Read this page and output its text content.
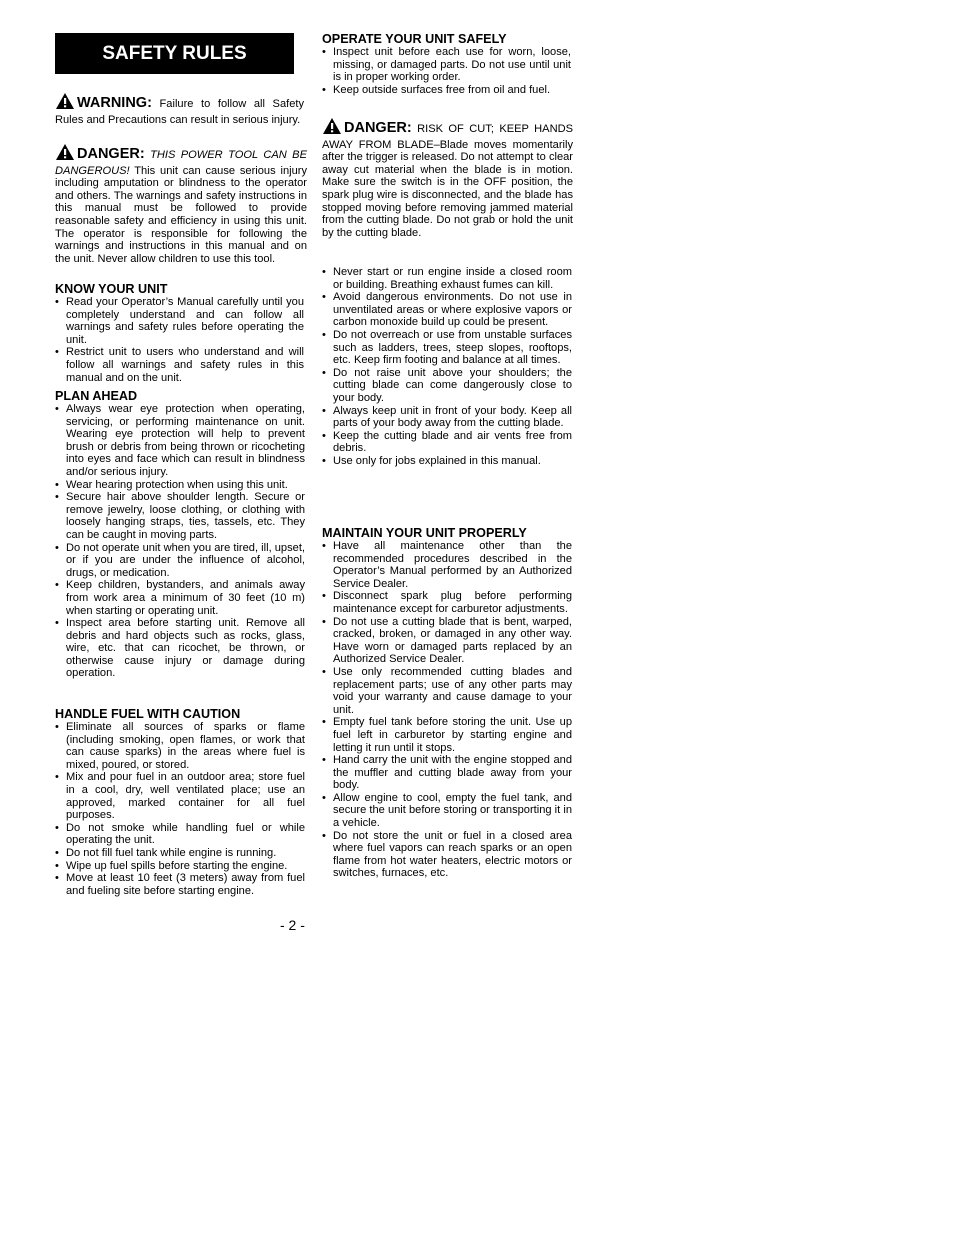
SAFETY RULES

WARNING: Failure to follow all Safety Rules and Precautions can result in serious injury.

DANGER: THIS POWER TOOL CAN BE DANGEROUS! This unit can cause serious injury including amputation or blindness to the operator and others. The warnings and safety instructions in this manual must be followed to provide reasonable safety and efficiency in using this unit. The operator is responsible for following the warnings and instructions in this manual and on the unit. Never allow children to use this tool.

KNOW YOUR UNIT
• Read your Operator’s Manual carefully until you completely understand and can follow all warnings and safety rules before operating the unit.
• Restrict unit to users who understand and will follow all warnings and safety rules in this manual and on the unit.
PLAN AHEAD
• Always wear eye protection when operating, servicing, or performing maintenance on unit. Wearing eye protection will help to prevent brush or debris from being thrown or ricocheting into eyes and face which can result in blindness and/or serious injury.
• Wear hearing protection when using this unit.
• Secure hair above shoulder length. Secure or remove jewelry, loose clothing, or clothing with loosely hanging straps, ties, tassels, etc. They can be caught in moving parts.
• Do not operate unit when you are tired, ill, upset, or if you are under the influence of alcohol, drugs, or medication.
• Keep children, bystanders, and animals away from work area a minimum of 30 feet (10 m) when starting or operating unit.
• Inspect area before starting unit. Remove all debris and hard objects such as rocks, glass, wire, etc. that can ricochet, be thrown, or otherwise cause injury or damage during operation.
HANDLE FUEL WITH CAUTION
• Eliminate all sources of sparks or flame (including smoking, open flames, or work that can cause sparks) in the areas where fuel is mixed, poured, or stored.
• Mix and pour fuel in an outdoor area; store fuel in a cool, dry, well ventilated place; use an approved, marked container for all fuel purposes.
• Do not smoke while handling fuel or while operating the unit.
• Do not fill fuel tank while engine is running.
• Wipe up fuel spills before starting the engine.
• Move at least 10 feet (3 meters) away from fuel and fueling site before starting engine.
OPERATE YOUR UNIT SAFELY
• Inspect unit before each use for worn, loose, missing, or damaged parts. Do not use until unit is in proper working order.
• Keep outside surfaces free from oil and fuel.

DANGER: RISK OF CUT; KEEP HANDS AWAY FROM BLADE–Blade moves momentarily after the trigger is released. Do not attempt to clear away cut material when the blade is in motion. Make sure the switch is in the OFF position, the spark plug wire is disconnected, and the blade has stopped moving before removing jammed material from the cutting blade. Do not grab or hold the unit by the cutting blade.

• Never start or run engine inside a closed room or building. Breathing exhaust fumes can kill.
• Avoid dangerous environments. Do not use in unventilated areas or where explosive vapors or carbon monoxide build up could be present.
• Do not overreach or use from unstable surfaces such as ladders, trees, steep slopes, rooftops, etc. Keep firm footing and balance at all times.
• Do not raise unit above your shoulders; the cutting blade can come dangerously close to your body.
• Always keep unit in front of your body. Keep all parts of your body away from the cutting blade.
• Keep the cutting blade and air vents free from debris.
• Use only for jobs explained in this manual.
MAINTAIN YOUR UNIT PROPERLY
• Have all maintenance other than the recommended procedures described in the Operator’s Manual performed by an Authorized Service Dealer.
• Disconnect spark plug before performing maintenance except for carburetor adjustments.
• Do not use a cutting blade that is bent, warped, cracked, broken, or damaged in any other way. Have worn or damaged parts replaced by an Authorized Service Dealer.
• Use only recommended cutting blades and replacement parts; use of any other parts may void your warranty and cause damage to your unit.
• Empty fuel tank before storing the unit. Use up fuel left in carburetor by starting engine and letting it run until it stops.
• Hand carry the unit with the engine stopped and the muffler and cutting blade away from your body.
• Allow engine to cool, empty the fuel tank, and secure the unit before storing or transporting it in a vehicle.
• Do not store the unit or fuel in a closed area where fuel vapors can reach sparks or an open flame from hot water heaters, electric motors or switches, furnaces, etc.
- 2 -
